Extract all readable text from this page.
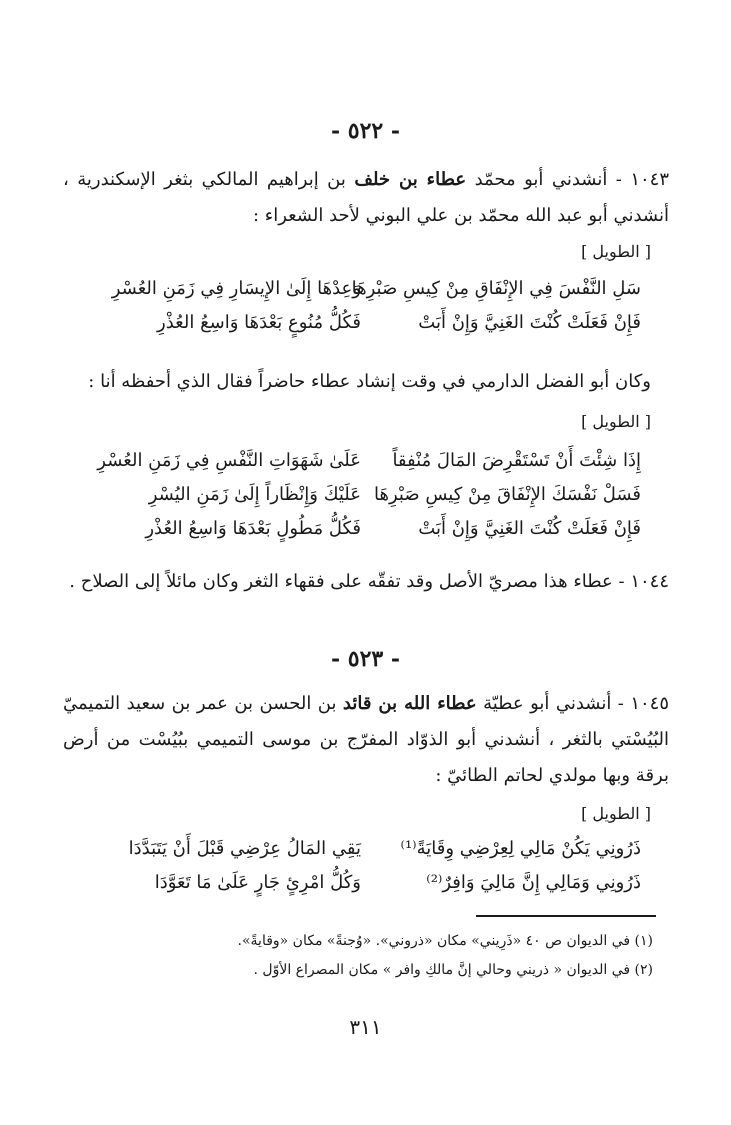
- ٥٢٢ -
١٠٤٣ - أنشدني أبو محمّد عطاء بن خلف بن إبراهيم المالكي بثغر الإسكندرية ، أنشدني أبو عبد الله محمّد بن علي البوني لأحد الشعراء :
[ الطويل ]
سَلِ النَّفْسَ فِي الإِنْفَاقِ مِنْ كِيسِ صَبْرِهَا
وَعِدْهَا إِلَىٰ الإِيسَارِ فِي زَمَنِ العُسْرِ
فَإِنْ فَعَلَتْ كُنْتَ الغَنِيَّ وَإِنْ أَبَتْ
فَكُلُّ مُنُوعٍ بَعْدَهَا وَاسِعُ العُذْرِ
وكان أبو الفضل الدارمي في وقت إنشاد عطاء حاضراً فقال الذي أحفظه أنا :
[ الطويل ]
إِذَا شِئْتَ أَنْ تَسْتَقْرِضَ المَالَ مُنْفِقاً
عَلَىٰ شَهَوَاتِ النَّفْسِ فِي زَمَنِ العُسْرِ
فَسَلْ نَفْسَكَ الإِنْفَاقَ مِنْ كِيسِ صَبْرِهَا
عَلَيْكَ وَإِنْظَاراً إِلَىٰ زَمَنِ اليُسْرِ
فَإِنْ فَعَلَتْ كُنْتَ الغَنِيَّ وَإِنْ أَبَتْ
فَكُلُّ مَطُولٍ بَعْدَهَا وَاسِعُ العُذْرِ
١٠٤٤ - عطاء هذا مصريّ الأصل وقد تفقّه على فقهاء الثغر وكان مائلاً إلى الصلاح .
- ٥٢٣ -
١٠٤٥ - أنشدني أبو عطيّة عطاء الله بن قائد بن الحسن بن عمر بن سعيد التميميّ البُيُسْتي بالثغر ، أنشدني أبو الذوّاد المفرّج بن موسى التميمي ببُيُسْت من أرض برقة وبها مولدي لحاتم الطائيّ :
[ الطويل ]
ذَرُونِي يَكُنْ مَالِي لِعِرْضِي وِقَايَةً⁽¹⁾
يَقِي المَالُ عِرْضِي قَبْلَ أَنْ يَتَبَدَّدَا
ذَرُونِي وَمَالِي إِنَّ مَالِيَ وَافِرٌ⁽²⁾
وَكُلُّ امْرِئٍ جَارٍ عَلَىٰ مَا تَعَوَّدَا
(١) في الديوان ص ٤٠ «ذَرِيني» مكان «ذروني». «وُجنةً» مكان «وقايةً».
(٢) في الديوان « ذريني وحالي إنَّ مالكِ وافر » مكان المصراع الأوّل .
٣١١
